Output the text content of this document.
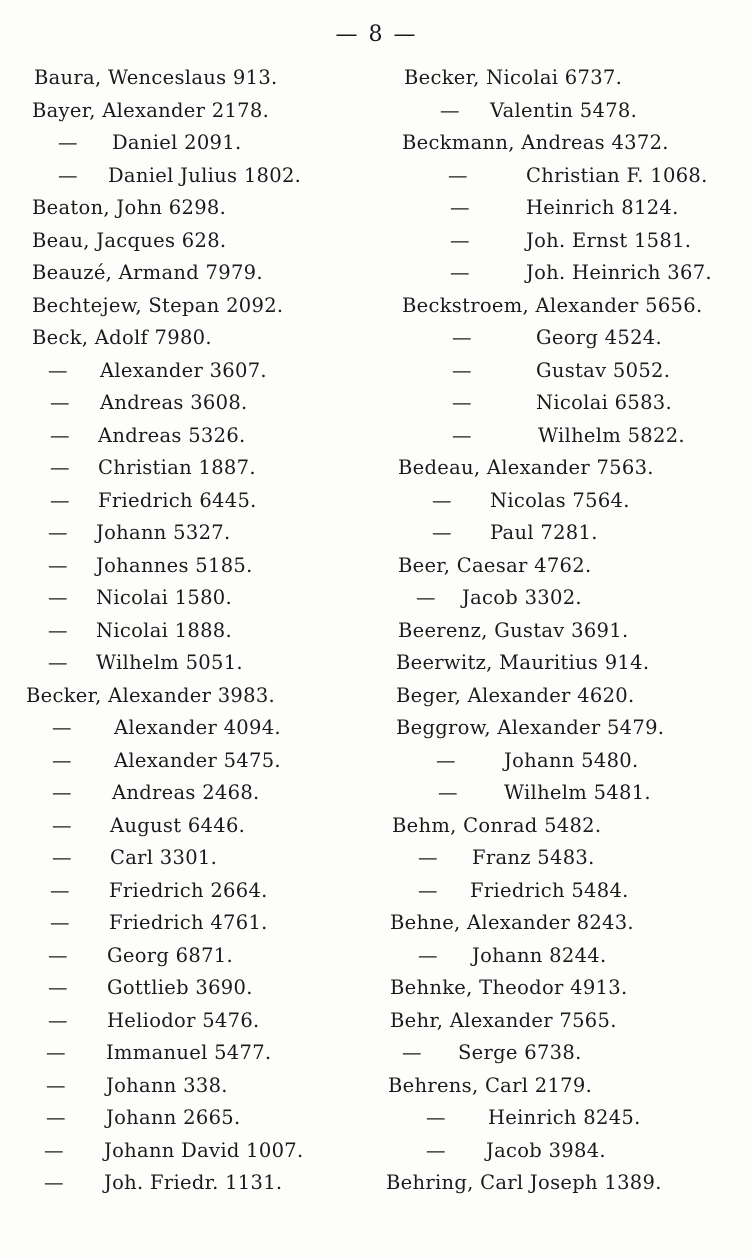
— 8 —
Baura, Wenceslaus 913.
Bayer, Alexander 2178.
— Daniel 2091.
— Daniel Julius 1802.
Beaton, John 6298.
Beau, Jacques 628.
Beauzé, Armand 7979.
Bechtejew, Stepan 2092.
Beck, Adolf 7980.
— Alexander 3607.
— Andreas 3608.
— Andreas 5326.
— Christian 1887.
— Friedrich 6445.
— Johann 5327.
— Johannes 5185.
— Nicolai 1580.
— Nicolai 1888.
— Wilhelm 5051.
Becker, Alexander 3983.
— Alexander 4094.
— Alexander 5475.
— Andreas 2468.
— August 6446.
— Carl 3301.
— Friedrich 2664.
— Friedrich 4761.
— Georg 6871.
— Gottlieb 3690.
— Heliodor 5476.
— Immanuel 5477.
— Johann 338.
— Johann 2665.
— Johann David 1007.
— Joh. Friedr. 1131.
Becker, Nicolai 6737.
— Valentin 5478.
Beckmann, Andreas 4372.
—	Christian F. 1068.
—	Heinrich 8124.
—	Joh. Ernst 1581.
—	Joh. Heinrich 367.
Beckstroem, Alexander 5656.
—	Georg 4524.
—	Gustav 5052.
—	Nicolai 6583.
—	Wilhelm 5822.
Bedeau, Alexander 7563.
— Nicolas 7564.
— Paul 7281.
Beer, Caesar 4762.
— Jacob 3302.
Beerenz, Gustav 3691.
Beerwitz, Mauritius 914.
Beger, Alexander 4620.
Beggrow, Alexander 5479.
— Johann 5480.
— Wilhelm 5481.
Behm, Conrad 5482.
— Franz 5483.
— Friedrich 5484.
Behne, Alexander 8243.
— Johann 8244.
Behnke, Theodor 4913.
Behr, Alexander 7565.
— Serge 6738.
Behrens, Carl 2179.
— Heinrich 8245.
— Jacob 3984.
Behring, Carl Joseph 1389.
